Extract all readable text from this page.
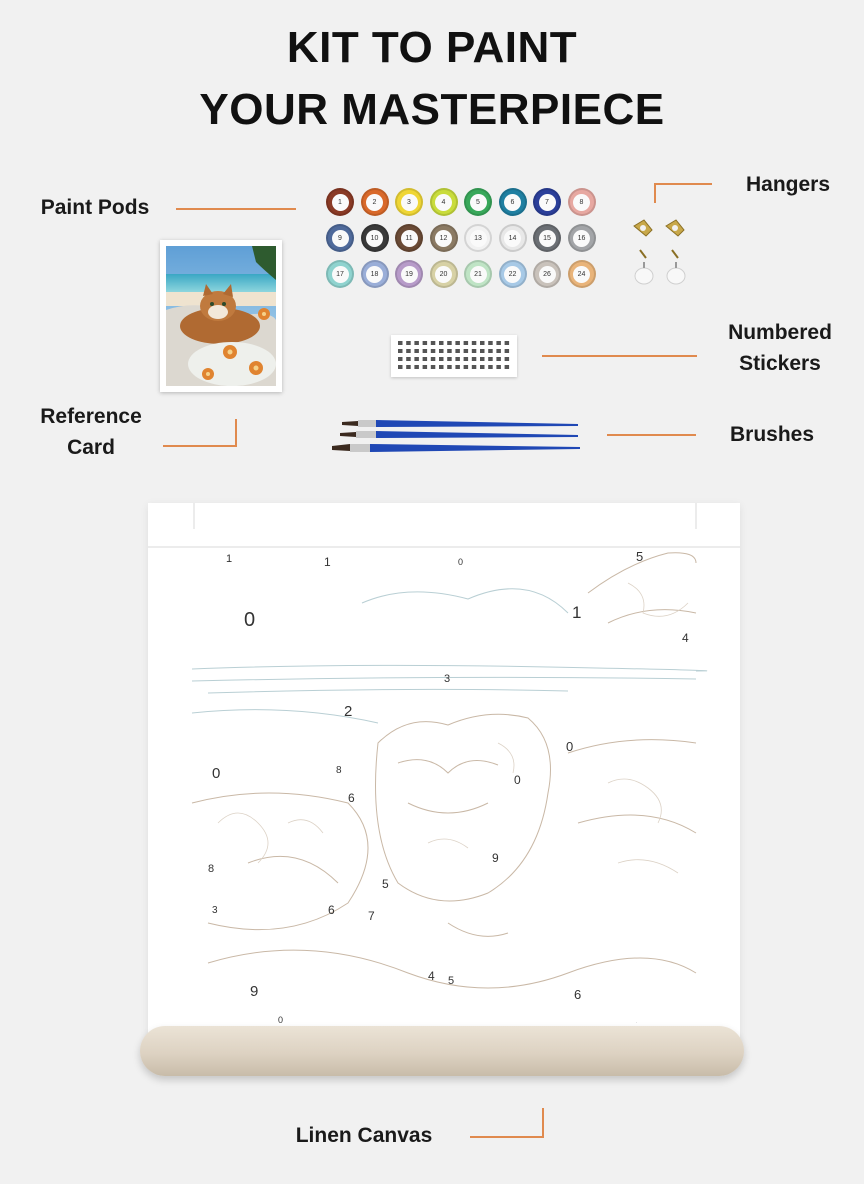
KIT TO PAINT
YOUR MASTERPIECE
Paint Pods
Hangers
Numbered
Stickers
Reference
Card
Brushes
Linen Canvas
1	2	3	4	5	6	7	8
9	10	11	12	13	14	15	16
17	18	19	20	21	22	26	24
1	1	0
0	1
5
4
3
2
0
0
8
6
0
9
5
6	7
9
4 5
3
8
0
6
2
